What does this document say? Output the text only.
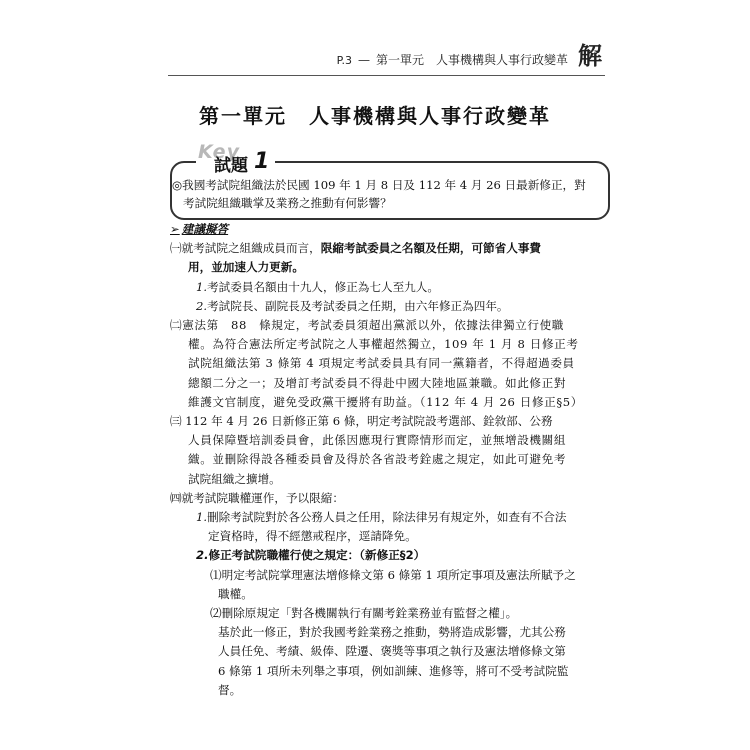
P.3 — 第一單元　人事機構與人事行政變革 解
第一單元　人事機構與人事行政變革
Key
試題 1
◎我國考試院組織法於民國 109 年 1 月 8 日及 112 年 4 月 26 日最新修正，對
考試院組織職掌及業務之推動有何影響？
➢ 建議擬答
㈠就考試院之組織成員而言，限縮考試委員之名額及任期，可節省人事費
用，並加速人力更新。
1.考試委員名額由十九人，修正為七人至九人。
2.考試院長、副院長及考試委員之任期，由六年修正為四年。
㈡憲法第　88　條規定，考試委員須超出黨派以外，依據法律獨立行使職
權。為符合憲法所定考試院之人事權超然獨立，109 年 1 月 8 日修正考
試院組織法第 3 條第 4 項規定考試委員具有同一黨籍者，不得超過委員
總額二分之一；及增訂考試委員不得赴中國大陸地區兼職。如此修正對
維護文官制度，避免受政黨干擾將有助益。（112 年 4 月 26 日修正§5）
㈢ 112 年 4 月 26 日新修正第 6 條，明定考試院設考選部、銓敘部、公務
人員保障暨培訓委員會，此係因應現行實際情形而定，並無增設機關組
織。並刪除得設各種委員會及得於各省設考銓處之規定，如此可避免考
試院組織之擴增。
㈣就考試院職權運作，予以限縮：
1.刪除考試院對於各公務人員之任用，除法律另有規定外，如查有不合法
定資格時，得不經懲戒程序，逕請降免。
2.修正考試院職權行使之規定：（新修正§2）
⑴明定考試院掌理憲法增修條文第 6 條第 1 項所定事項及憲法所賦予之
職權。
⑵刪除原規定「對各機關執行有關考銓業務並有監督之權」。
基於此一修正，對於我國考銓業務之推動，勢將造成影響，尤其公務
人員任免、考績、級俸、陞遷、褒獎等事項之執行及憲法增修條文第
6 條第 1 項所未列舉之事項，例如訓練、進修等，將可不受考試院監
督。
